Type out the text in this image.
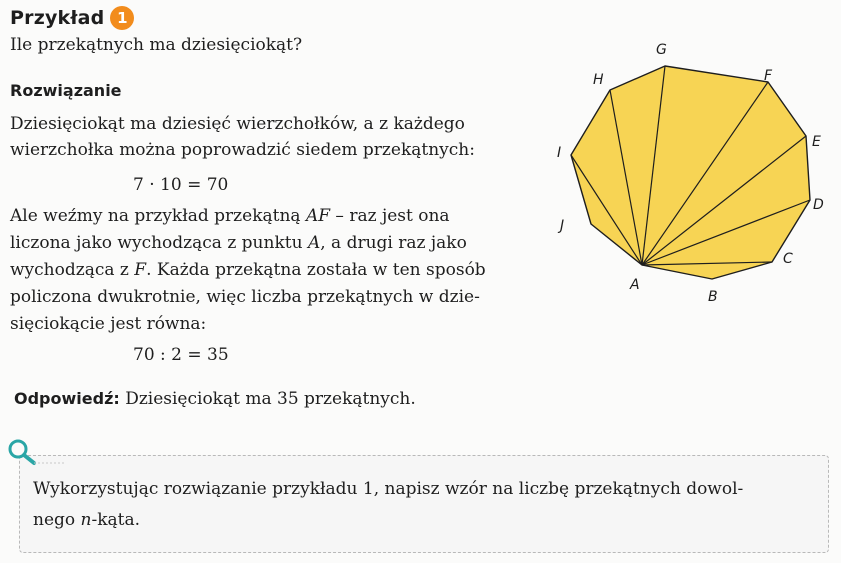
Przykład 1
Ile przekątnych ma dziesięciokąt?
Rozwiązanie
Dziesięciokąt ma dziesięć wierzchołków, a z każdego
wierzchołka można poprowadzić siedem przekątnych:
7 · 10 = 70
Ale weźmy na przykład przekątną AF – raz jest ona
liczona jako wychodząca z punktu A, a drugi raz jako
wychodząca z F. Każda przekątna została w ten sposób
policzona dwukrotnie, więc liczba przekątnych w dzie-
sięciokącie jest równa:
70 : 2 = 35
Odpowiedź: Dziesięciokąt ma 35 przekątnych.
A
B
C
D
E
F
G
H
I
J
Wykorzystując rozwiązanie przykładu 1, napisz wzór na liczbę przekątnych dowol-
nego n-kąta.
